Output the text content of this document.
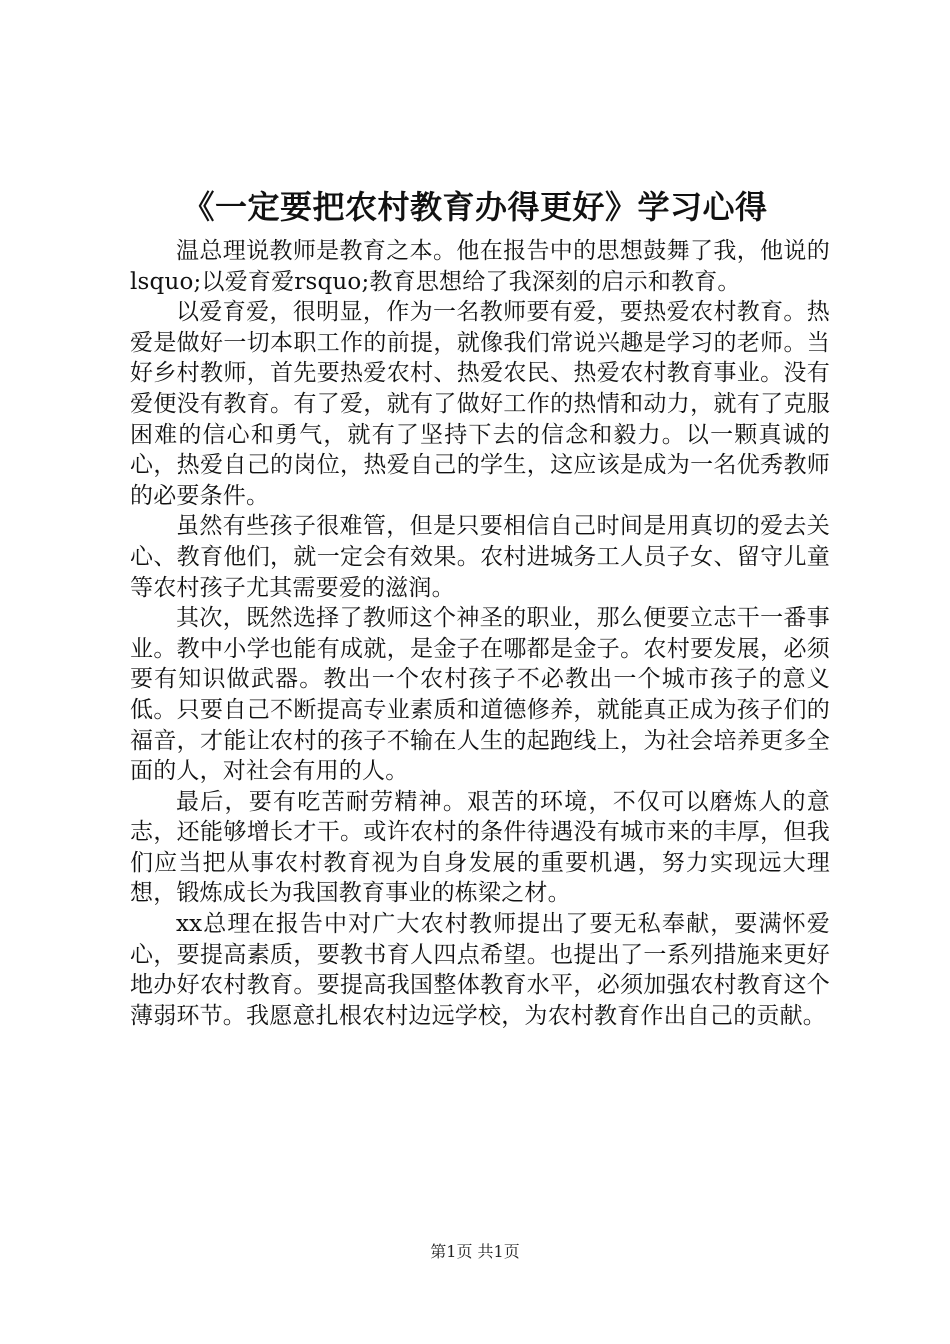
《一定要把农村教育办得更好》学习心得

温总理说教师是教育之本。他在报告中的思想鼓舞了我，他说的lsquo;以爱育爱rsquo;教育思想给了我深刻的启示和教育。

以爱育爱，很明显，作为一名教师要有爱，要热爱农村教育。热爱是做好一切本职工作的前提，就像我们常说兴趣是学习的老师。当好乡村教师，首先要热爱农村、热爱农民、热爱农村教育事业。没有爱便没有教育。有了爱，就有了做好工作的热情和动力，就有了克服困难的信心和勇气，就有了坚持下去的信念和毅力。以一颗真诚的心，热爱自己的岗位，热爱自己的学生，这应该是成为一名优秀教师的必要条件。

虽然有些孩子很难管，但是只要相信自己时间是用真切的爱去关心、教育他们，就一定会有效果。农村进城务工人员子女、留守儿童等农村孩子尤其需要爱的滋润。

其次，既然选择了教师这个神圣的职业，那么便要立志干一番事业。教中小学也能有成就，是金子在哪都是金子。农村要发展，必须要有知识做武器。教出一个农村孩子不必教出一个城市孩子的意义低。只要自己不断提高专业素质和道德修养，就能真正成为孩子们的福音，才能让农村的孩子不输在人生的起跑线上，为社会培养更多全面的人，对社会有用的人。

最后，要有吃苦耐劳精神。艰苦的环境，不仅可以磨炼人的意志，还能够增长才干。或许农村的条件待遇没有城市来的丰厚，但我们应当把从事农村教育视为自身发展的重要机遇，努力实现远大理想，锻炼成长为我国教育事业的栋梁之材。

xx总理在报告中对广大农村教师提出了要无私奉献，要满怀爱心，要提高素质，要教书育人四点希望。也提出了一系列措施来更好地办好农村教育。要提高我国整体教育水平，必须加强农村教育这个薄弱环节。我愿意扎根农村边远学校，为农村教育作出自己的贡献。

第1页 共1页
